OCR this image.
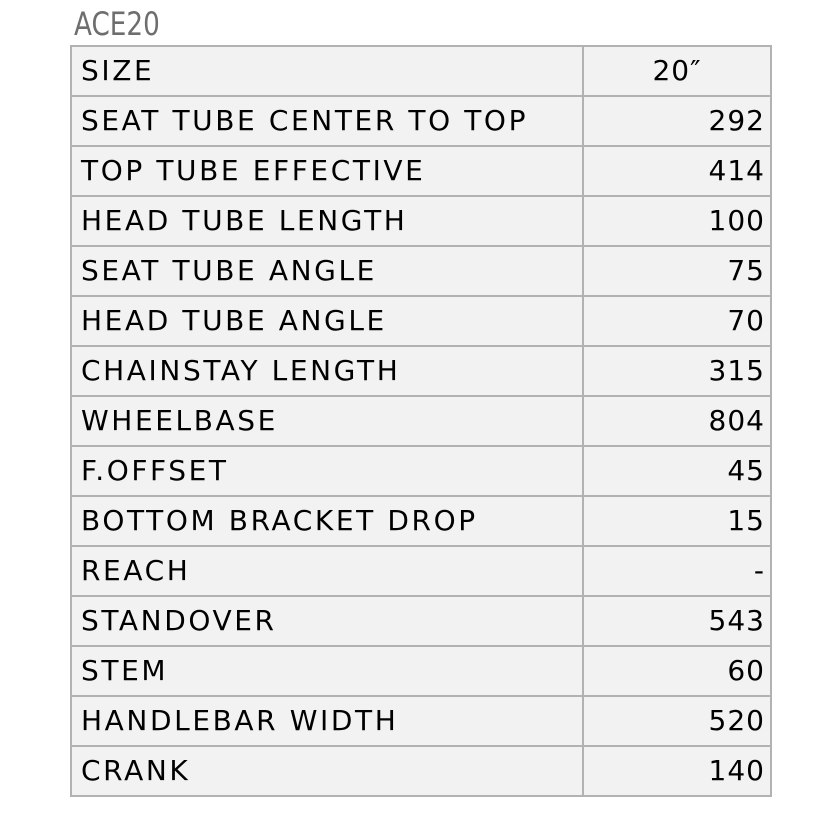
ACE20
SIZE	20″
SEAT TUBE CENTER TO TOP	292
TOP TUBE EFFECTIVE	414
HEAD TUBE LENGTH	100
SEAT TUBE ANGLE	75
HEAD TUBE ANGLE	70
CHAINSTAY LENGTH	315
WHEELBASE	804
F.OFFSET	45
BOTTOM BRACKET DROP	15
REACH	-
STANDOVER	543
STEM	60
HANDLEBAR WIDTH	520
CRANK	140
